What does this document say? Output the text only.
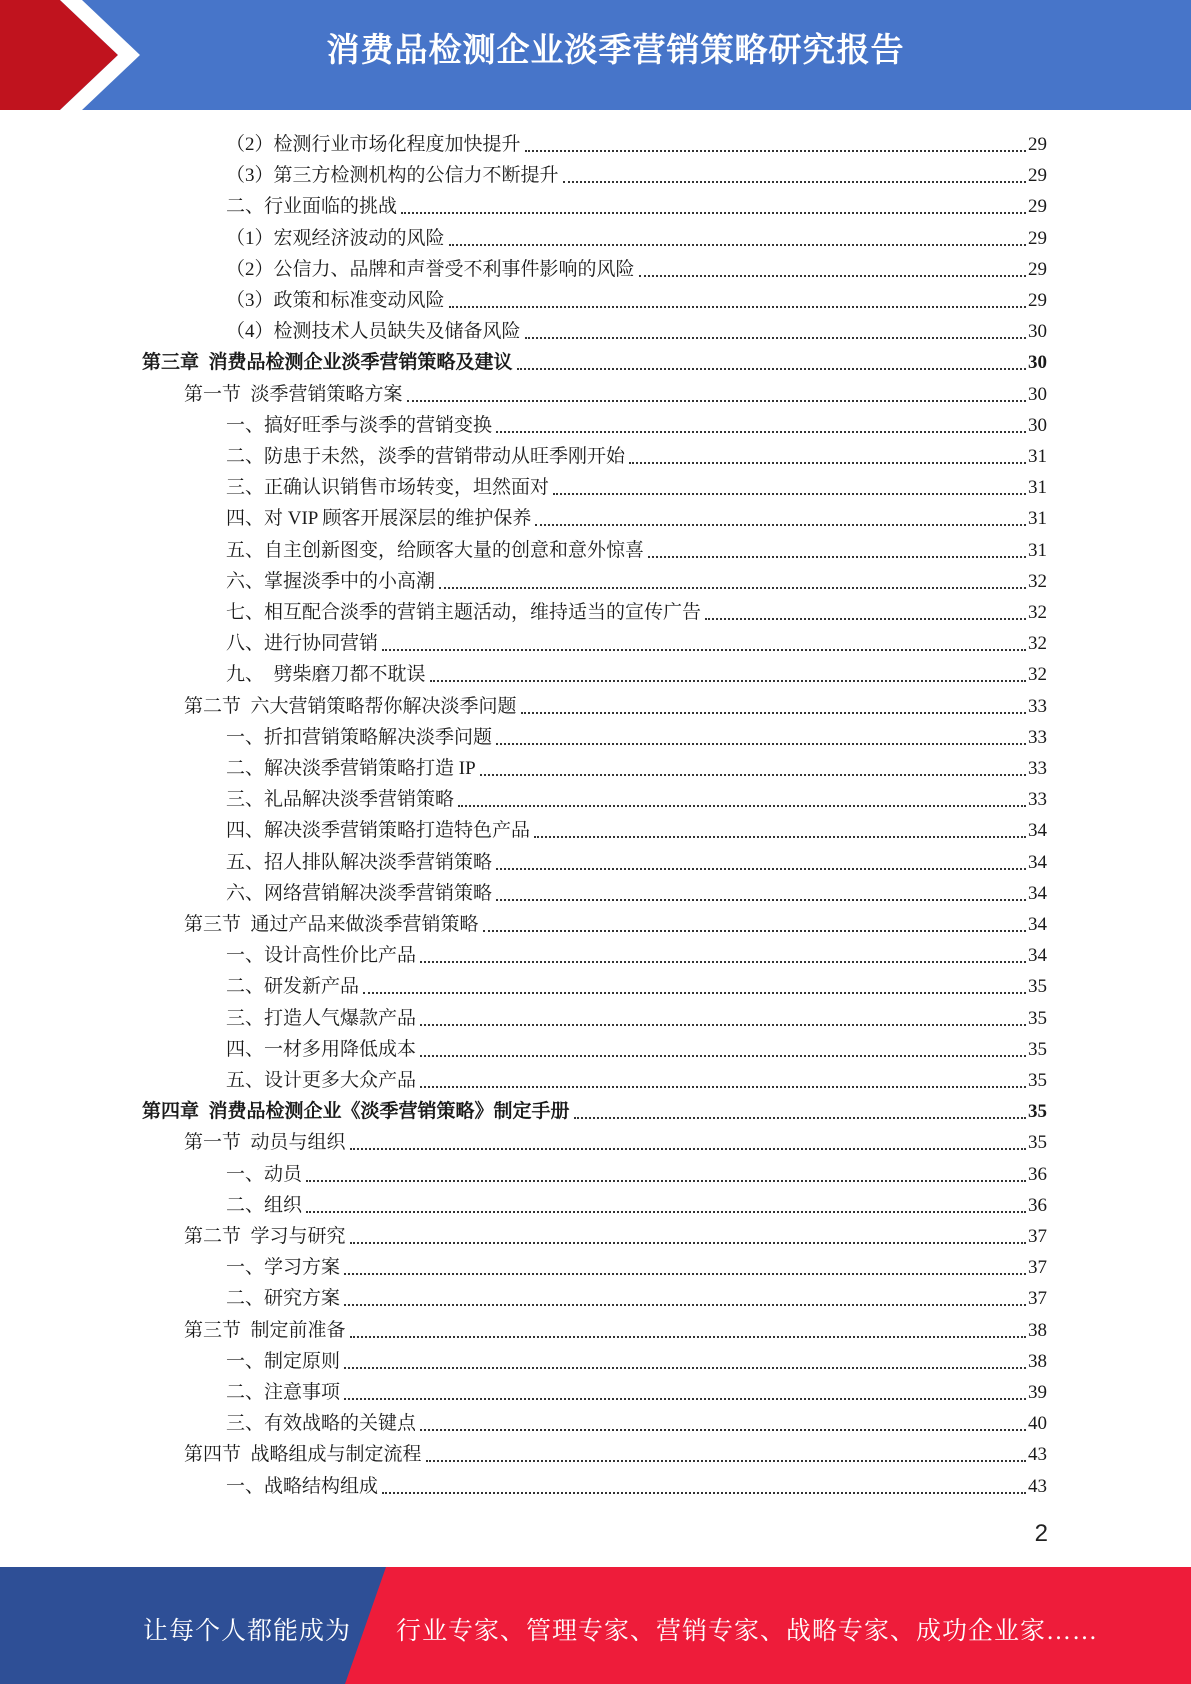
消费品检测企业淡季营销策略研究报告
（2）检测行业市场化程度加快提升	29
（3）第三方检测机构的公信力不断提升	29
二、行业面临的挑战	29
（1）宏观经济波动的风险	29
（2）公信力、品牌和声誉受不利事件影响的风险	29
（3）政策和标准变动风险	29
（4）检测技术人员缺失及储备风险	30
第三章  消费品检测企业淡季营销策略及建议	30
第一节  淡季营销策略方案	30
一、搞好旺季与淡季的营销变换	30
二、防患于未然，淡季的营销带动从旺季刚开始	31
三、正确认识销售市场转变，坦然面对	31
四、对 VIP 顾客开展深层的维护保养	31
五、自主创新图变，给顾客大量的创意和意外惊喜	31
六、掌握淡季中的小高潮	32
七、相互配合淡季的营销主题活动，维持适当的宣传广告	32
八、进行协同营销	32
九、  劈柴磨刀都不耽误	32
第二节  六大营销策略帮你解决淡季问题	33
一、折扣营销策略解决淡季问题	33
二、解决淡季营销策略打造 IP	33
三、礼品解决淡季营销策略	33
四、解决淡季营销策略打造特色产品	34
五、招人排队解决淡季营销策略	34
六、网络营销解决淡季营销策略	34
第三节  通过产品来做淡季营销策略	34
一、设计高性价比产品	34
二、研发新产品	35
三、打造人气爆款产品	35
四、一材多用降低成本	35
五、设计更多大众产品	35
第四章  消费品检测企业《淡季营销策略》制定手册	35
第一节  动员与组织	35
一、动员	36
二、组织	36
第二节  学习与研究	37
一、学习方案	37
二、研究方案	37
第三节  制定前准备	38
一、制定原则	38
二、注意事项	39
三、有效战略的关键点	40
第四节  战略组成与制定流程	43
一、战略结构组成	43
2
让每个人都能成为 行业专家、管理专家、营销专家、战略专家、成功企业家……
